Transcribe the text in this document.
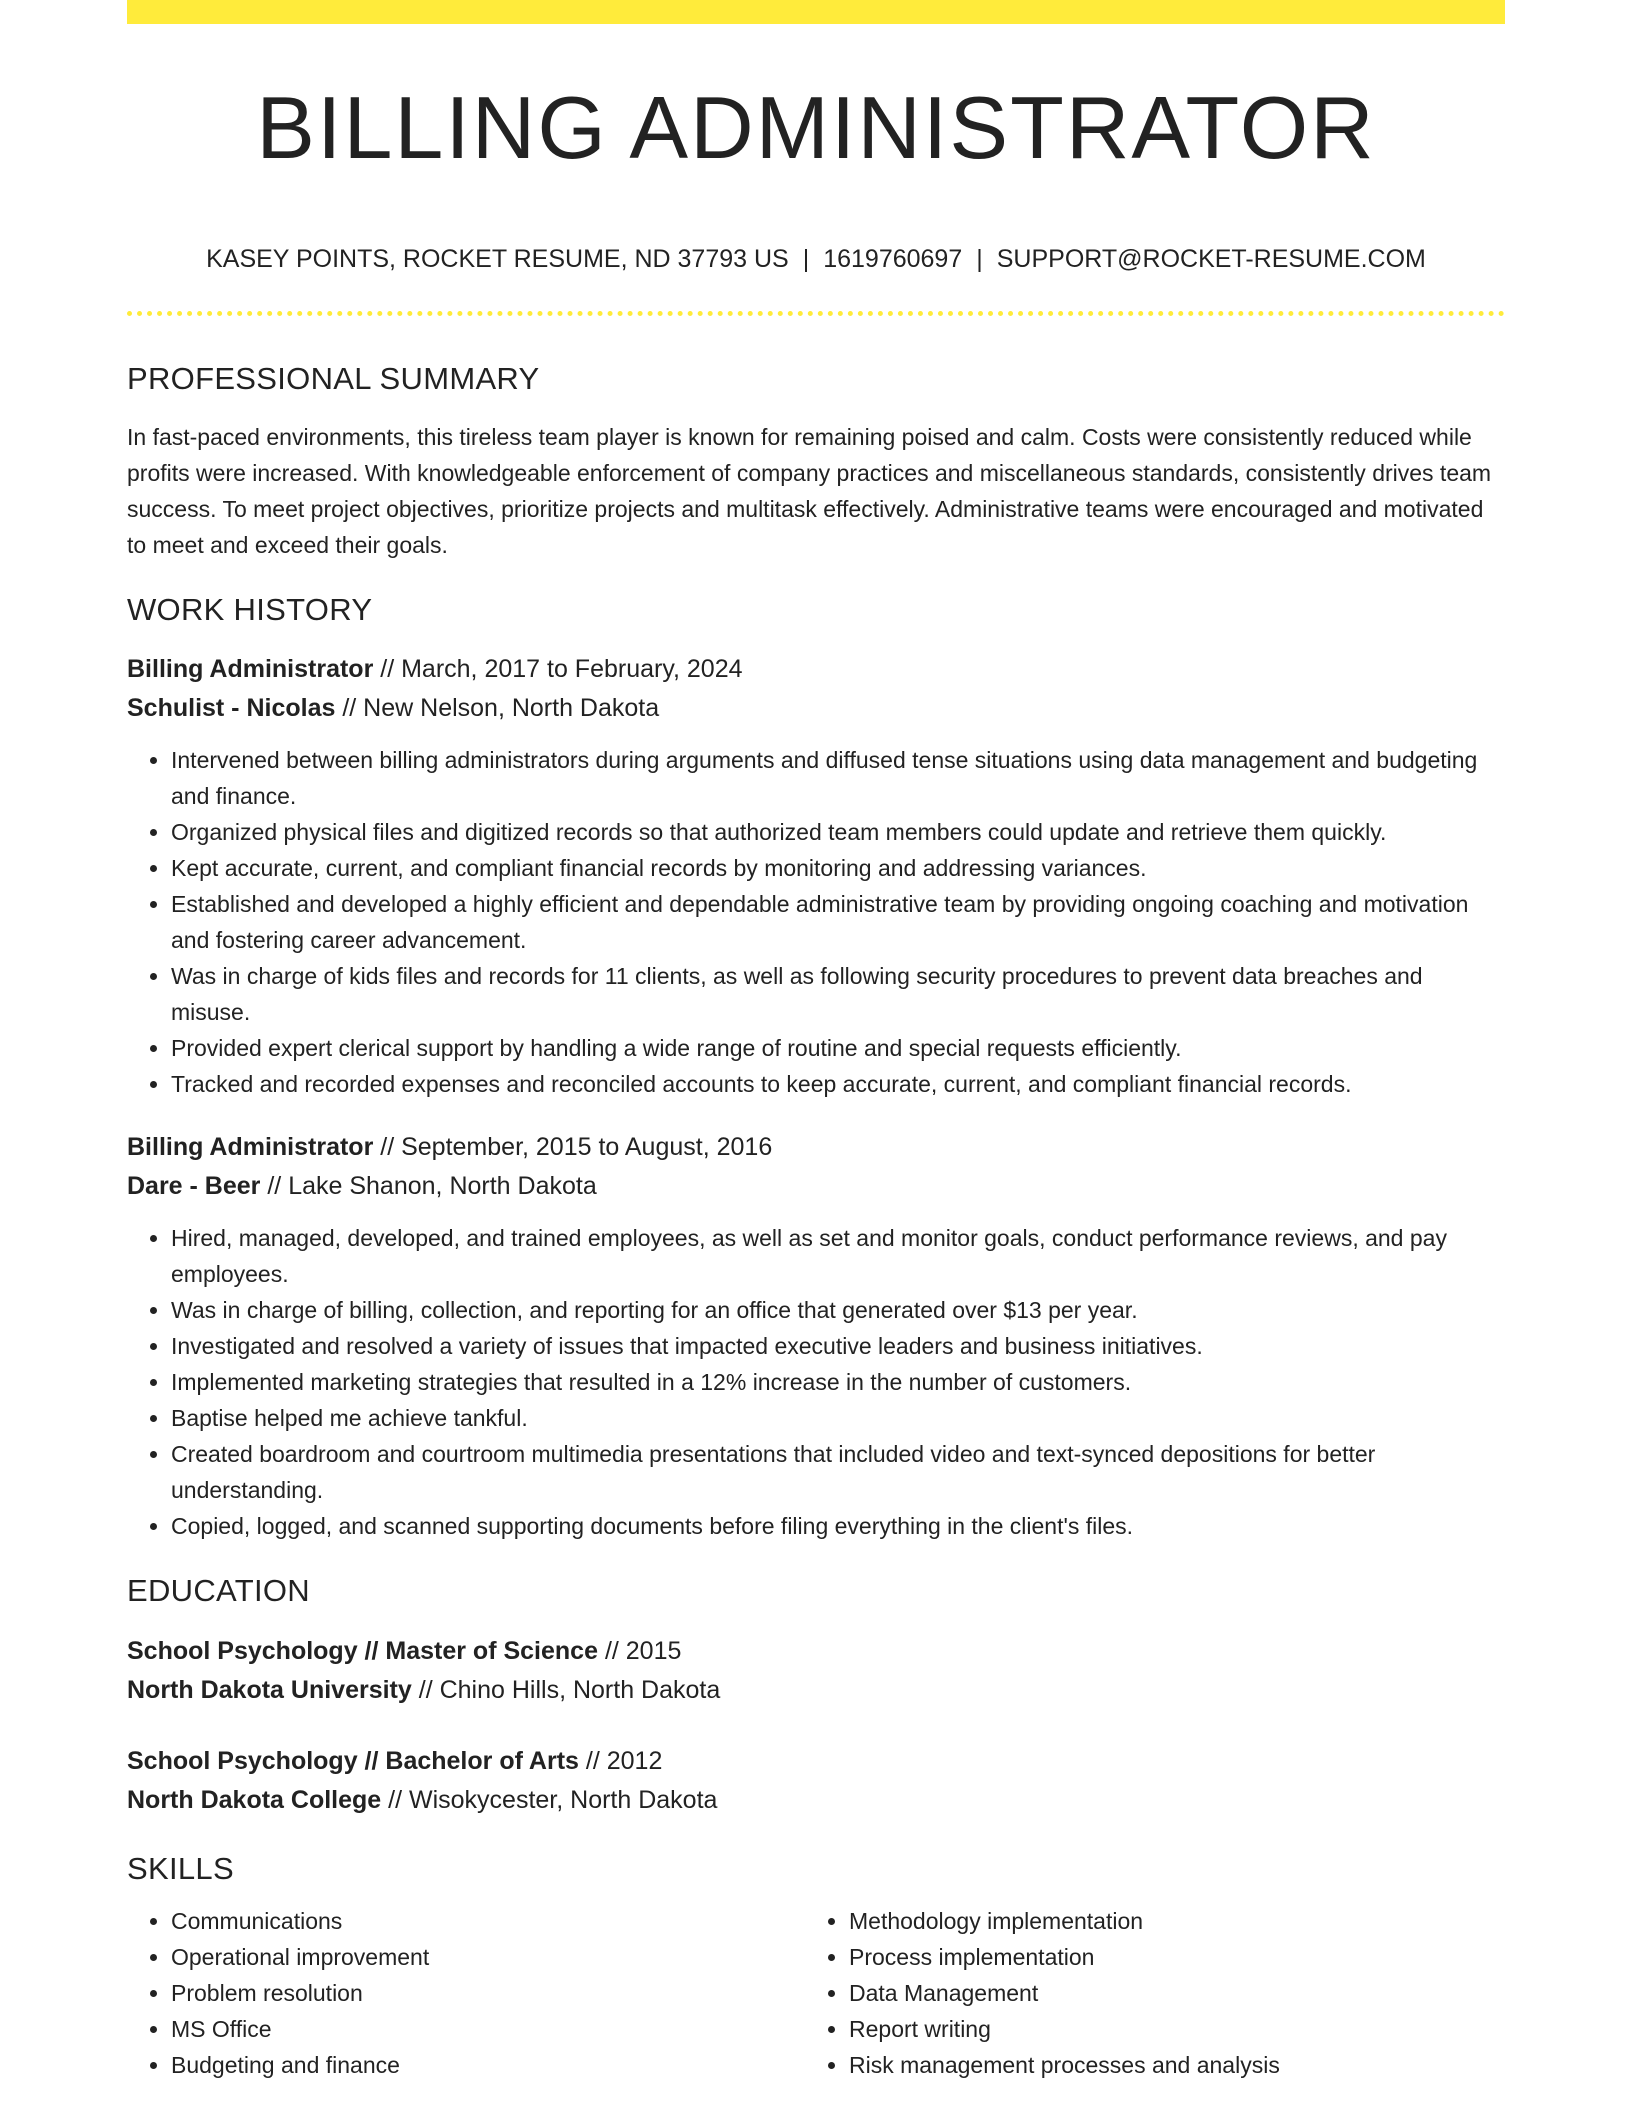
BILLING ADMINISTRATOR
KASEY POINTS, ROCKET RESUME, ND 37793 US | 1619760697 | SUPPORT@ROCKET-RESUME.COM
PROFESSIONAL SUMMARY

In fast-paced environments, this tireless team player is known for remaining poised and calm. Costs were consistently reduced while profits were increased. With knowledgeable enforcement of company practices and miscellaneous standards, consistently drives team success. To meet project objectives, prioritize projects and multitask effectively. Administrative teams were encouraged and motivated to meet and exceed their goals.

WORK HISTORY
Billing Administrator // March, 2017 to February, 2024
Schulist - Nicolas // New Nelson, North Dakota
• Intervened between billing administrators during arguments and diffused tense situations using data management and budgeting and finance.
• Organized physical files and digitized records so that authorized team members could update and retrieve them quickly.
• Kept accurate, current, and compliant financial records by monitoring and addressing variances.
• Established and developed a highly efficient and dependable administrative team by providing ongoing coaching and motivation and fostering career advancement.
• Was in charge of kids files and records for 11 clients, as well as following security procedures to prevent data breaches and misuse.
• Provided expert clerical support by handling a wide range of routine and special requests efficiently.
• Tracked and recorded expenses and reconciled accounts to keep accurate, current, and compliant financial records.
Billing Administrator // September, 2015 to August, 2016
Dare - Beer // Lake Shanon, North Dakota
• Hired, managed, developed, and trained employees, as well as set and monitor goals, conduct performance reviews, and pay employees.
• Was in charge of billing, collection, and reporting for an office that generated over $13 per year.
• Investigated and resolved a variety of issues that impacted executive leaders and business initiatives.
• Implemented marketing strategies that resulted in a 12% increase in the number of customers.
• Baptise helped me achieve tankful.
• Created boardroom and courtroom multimedia presentations that included video and text-synced depositions for better understanding.
• Copied, logged, and scanned supporting documents before filing everything in the client's files.
EDUCATION
School Psychology // Master of Science // 2015
North Dakota University // Chino Hills, North Dakota
School Psychology // Bachelor of Arts // 2012
North Dakota College // Wisokycester, North Dakota
SKILLS
• Communications
• Operational improvement
• Problem resolution
• MS Office
• Budgeting and finance
• Methodology implementation
• Process implementation
• Data Management
• Report writing
• Risk management processes and analysis
